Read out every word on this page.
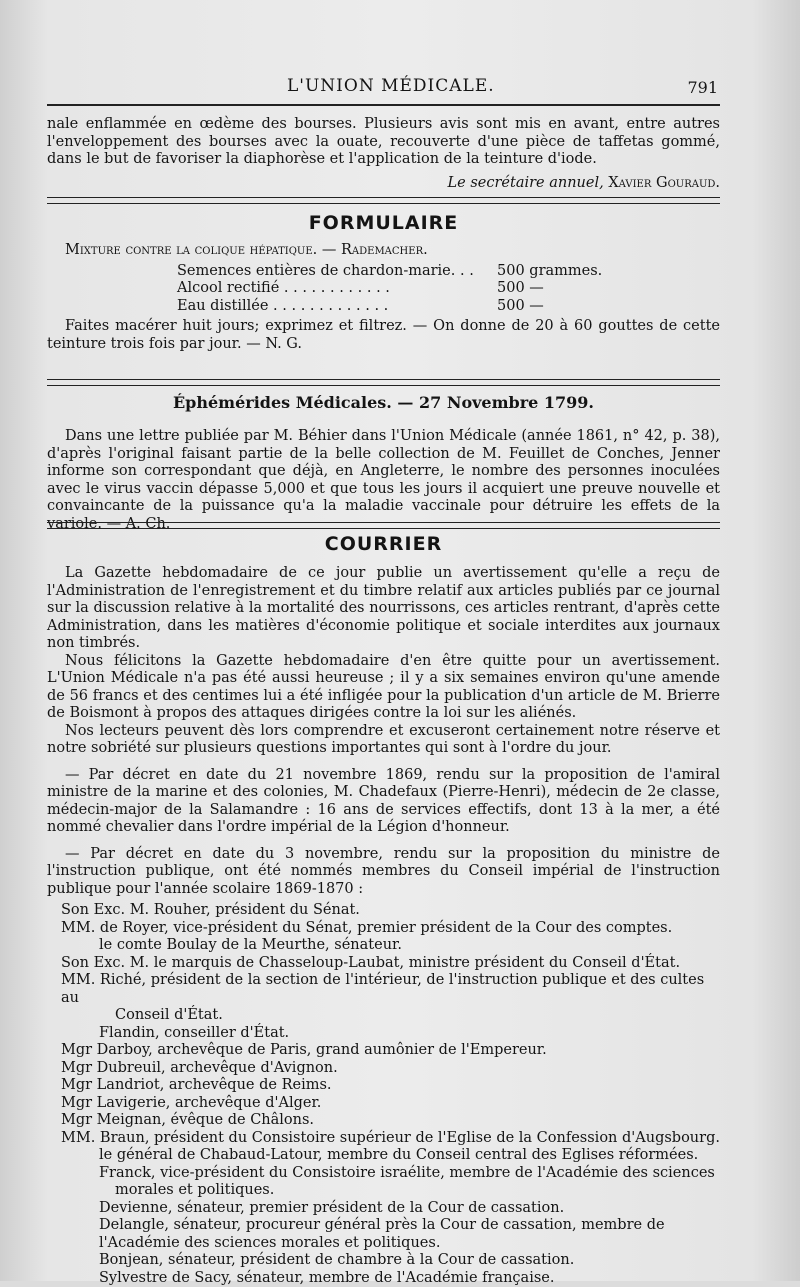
L'UNION MÉDICALE.	791

nale enflammée en œdème des bourses. Plusieurs avis sont mis en avant, entre autres l'enveloppement des bourses avec la ouate, recouverte d'une pièce de taffetas gommé, dans le but de favoriser la diaphorèse et l'application de la teinture d'iode.

Le secrétaire annuel, Xavier Gouraud.

FORMULAIRE

Mixture contre la colique hépatique. — Rademacher.

Semences entières de chardon-marie. . .	500 grammes.
Alcool rectifié . . . . . . . . . . . .	500 —
Eau distillée . . . . . . . . . . . . .	500 —

Faites macérer huit jours; exprimez et filtrez. — On donne de 20 à 60 gouttes de cette teinture trois fois par jour. — N. G.

Éphémérides Médicales. — 27 Novembre 1799.

Dans une lettre publiée par M. Béhier dans l'Union Médicale (année 1861, n° 42, p. 38), d'après l'original faisant partie de la belle collection de M. Feuillet de Conches, Jenner informe son correspondant que déjà, en Angleterre, le nombre des personnes inoculées avec le virus vaccin dépasse 5,000 et que tous les jours il acquiert une preuve nouvelle et convaincante de la puissance qu'a la maladie vaccinale pour détruire les effets de la variole. — A. Ch.

COURRIER

La Gazette hebdomadaire de ce jour publie un avertissement qu'elle a reçu de l'Administration de l'enregistrement et du timbre relatif aux articles publiés par ce journal sur la discussion relative à la mortalité des nourrissons, ces articles rentrant, d'après cette Administration, dans les matières d'économie politique et sociale interdites aux journaux non timbrés.

Nous félicitons la Gazette hebdomadaire d'en être quitte pour un avertissement. L'Union Médicale n'a pas été aussi heureuse ; il y a six semaines environ qu'une amende de 56 francs et des centimes lui a été infligée pour la publication d'un article de M. Brierre de Boismont à propos des attaques dirigées contre la loi sur les aliénés.

Nos lecteurs peuvent dès lors comprendre et excuseront certainement notre réserve et notre sobriété sur plusieurs questions importantes qui sont à l'ordre du jour.

— Par décret en date du 21 novembre 1869, rendu sur la proposition de l'amiral ministre de la marine et des colonies, M. Chadefaux (Pierre-Henri), médecin de 2e classe, médecin-major de la Salamandre : 16 ans de services effectifs, dont 13 à la mer, a été nommé chevalier dans l'ordre impérial de la Légion d'honneur.

— Par décret en date du 3 novembre, rendu sur la proposition du ministre de l'instruction publique, ont été nommés membres du Conseil impérial de l'instruction publique pour l'année scolaire 1869-1870 :

Son Exc. M. Rouher, président du Sénat.
MM. de Royer, vice-président du Sénat, premier président de la Cour des comptes.
le comte Boulay de la Meurthe, sénateur.
Son Exc. M. le marquis de Chasseloup-Laubat, ministre président du Conseil d'État.
MM. Riché, président de la section de l'intérieur, de l'instruction publique et des cultes au
Conseil d'État.
Flandin, conseiller d'État.
Mgr Darboy, archevêque de Paris, grand aumônier de l'Empereur.
Mgr Dubreuil, archevêque d'Avignon.
Mgr Landriot, archevêque de Reims.
Mgr Lavigerie, archevêque d'Alger.
Mgr Meignan, évêque de Châlons.
MM. Braun, président du Consistoire supérieur de l'Eglise de la Confession d'Augsbourg.
le général de Chabaud-Latour, membre du Conseil central des Eglises réformées.
Franck, vice-président du Consistoire israélite, membre de l'Académie des sciences
morales et politiques.
Devienne, sénateur, premier président de la Cour de cassation.
Delangle, sénateur, procureur général près la Cour de cassation, membre de l'Académie des sciences morales et politiques.
Bonjean, sénateur, président de chambre à la Cour de cassation.
Sylvestre de Sacy, sénateur, membre de l'Académie française.
